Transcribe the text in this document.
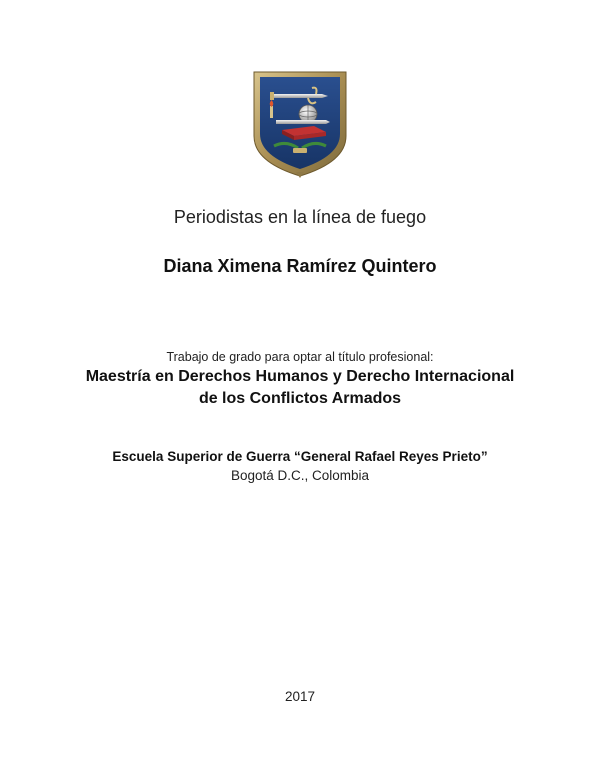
Periodistas en la línea de fuego
Diana Ximena Ramírez Quintero
Trabajo de grado para optar al título profesional:
Maestría en Derechos Humanos y Derecho Internacional
de los Conflictos Armados
Escuela Superior de Guerra “General Rafael Reyes Prieto”
Bogotá D.C., Colombia
2017
